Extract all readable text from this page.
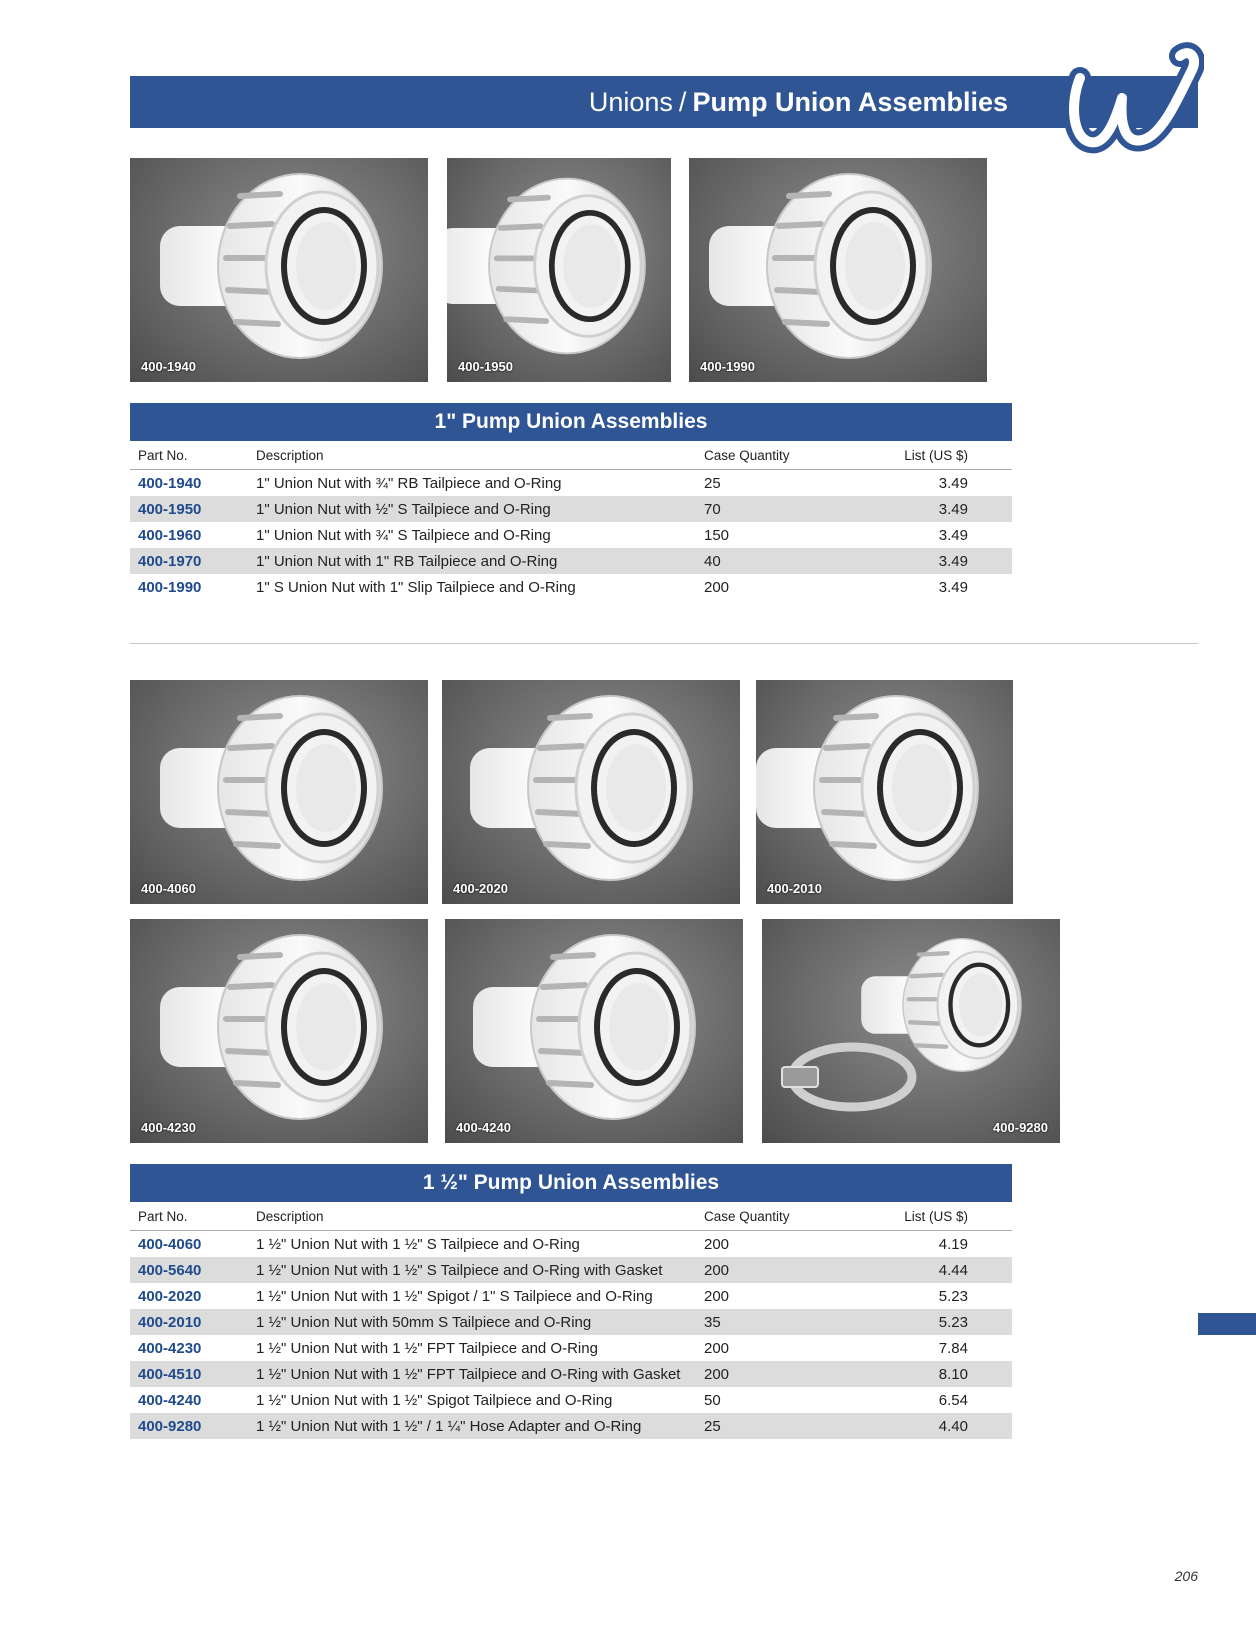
Unions / Pump Union Assemblies
400-1940	400-1950	400-1990
1" Pump Union Assemblies
Part No.	Description	Case Quantity	List (US $)
400-1940	1" Union Nut with ¾" RB Tailpiece and O-Ring	25	3.49
400-1950	1" Union Nut with ½" S Tailpiece and O-Ring	70	3.49
400-1960	1" Union Nut with ¾" S Tailpiece and O-Ring	150	3.49
400-1970	1" Union Nut with 1" RB Tailpiece and O-Ring	40	3.49
400-1990	1" S Union Nut with 1" Slip Tailpiece and O-Ring	200	3.49
400-4060	400-2020	400-2010
400-4230	400-4240	400-9280
1 ½" Pump Union Assemblies
Part No.	Description	Case Quantity	List (US $)
400-4060	1 ½" Union Nut with 1 ½" S Tailpiece and O-Ring	200	4.19
400-5640	1 ½" Union Nut with 1 ½" S Tailpiece and O-Ring with Gasket	200	4.44
400-2020	1 ½" Union Nut with 1 ½" Spigot / 1" S Tailpiece and O-Ring	200	5.23
400-2010	1 ½" Union Nut with 50mm S Tailpiece and O-Ring	35	5.23
400-4230	1 ½" Union Nut with 1 ½" FPT Tailpiece and O-Ring	200	7.84
400-4510	1 ½" Union Nut with 1 ½" FPT Tailpiece and O-Ring with Gasket	200	8.10
400-4240	1 ½" Union Nut with 1 ½" Spigot Tailpiece and O-Ring	50	6.54
400-9280	1 ½" Union Nut with 1 ½" / 1 ¼" Hose Adapter and O-Ring	25	4.40
206
